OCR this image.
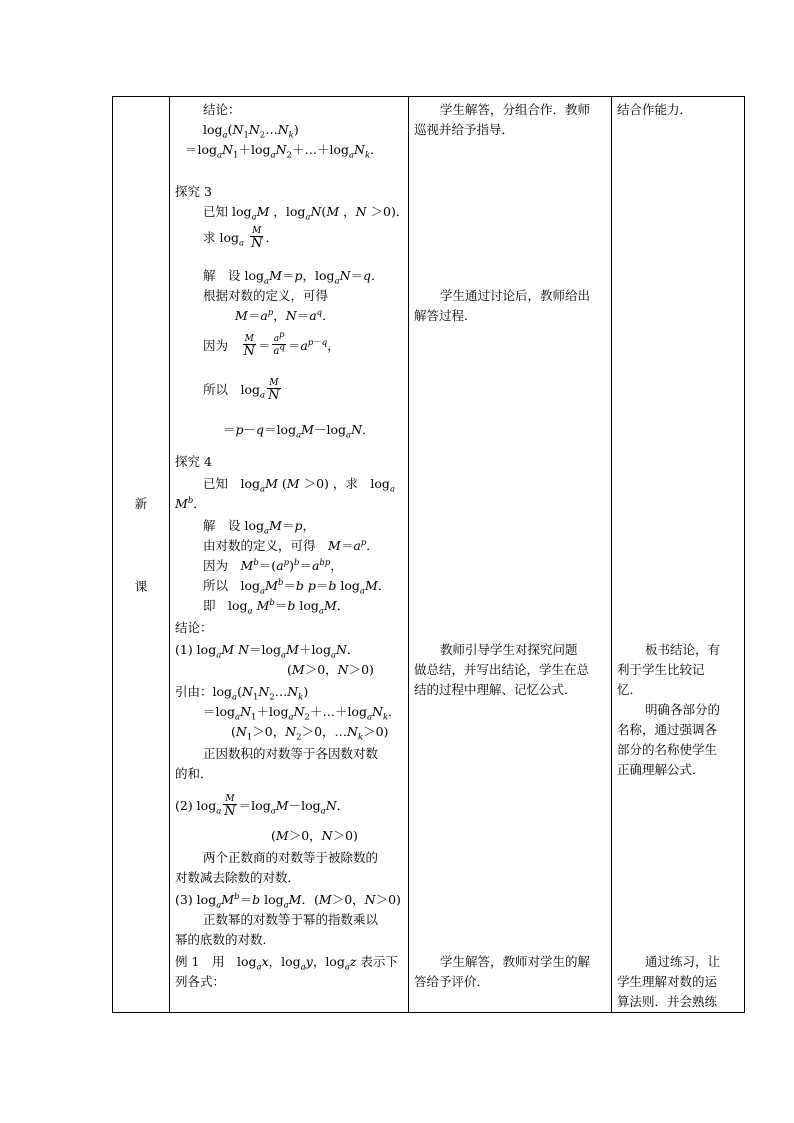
新
课
结论：
$\log_a(N_1N_2\dots N_k)$
$=\log_aN_1+\log_aN_2+\dots+\log_aN_k$．
探究 3
已知 $\log_aM$ ，$\log_aN(M$ ，N ＞0)．
求 $\log_a$
M
N ．
解　 设 $\log_aM=p$，$\log_aN=q$．
根据对数的定义，可得
$M=a^p$，$N=a^q$．
因为　 M
$N = \frac{a^p}{a^q} =a^{p-q}$，
所以　$\log_a$
M
N
$=p-q=\log_aM-\log_aN$．
探究 4
已知　$\log_aM$ (M ＞0) ，求　$\log_a$
$M^b$．
解　 设 $\log_aM=p$，
由对数的定义，可得　 $M=a^p$．
因为　 $M^b=(a^p)^b=a^{bp}$，
所以　$\log_aM^b=b$ p＝b $\log_aM$．
即　$\log_a M^b=b$ $\log_aM$．
结论：
(1) $\log_aM$ $N=\log_aM+\log_aN$．
(M＞0，N＞0)
引由：$\log_a(N_1N_2\dots N_k)$
$=\log_aN_1+\log_aN_2+\dots+\log_aN_k$．
($N_1>0$，$N_2>0$，$\dots N_k>0$)
正因数积的对数等于各因数对数
的和．
(2) $\log_a$
M
$N =\log_aM-\log_aN$．
(M＞0，N＞0)
两个正数商的对数等于被除数的
对数减去除数的对数．
(3) $\log_aM^b=b$ $\log_aM$．(M＞0，N＞0)
正数幂的对数等于幂的指数乘以
幂的底数的对数．
例 1　 用　$\log_ax$，$\log_ay$，$\log_az$ 表示下
列各式：
学生解答，分组合作．教师
巡视并给予指导．
学生通过讨论后，教师给出
解答过程．
教师引导学生对探究问题
做总结，并写出结论，学生在总
结的过程中理解、记忆公式．
学生解答，教师对学生的解
答给予评价．
结合作能力．
板书结论，有
利于学生比较记
忆．
明确各部分的
名称，通过强调各
部分的名称使学生
正确理解公式．
通过练习，让
学生理解对数的运
算法则．并会熟练
